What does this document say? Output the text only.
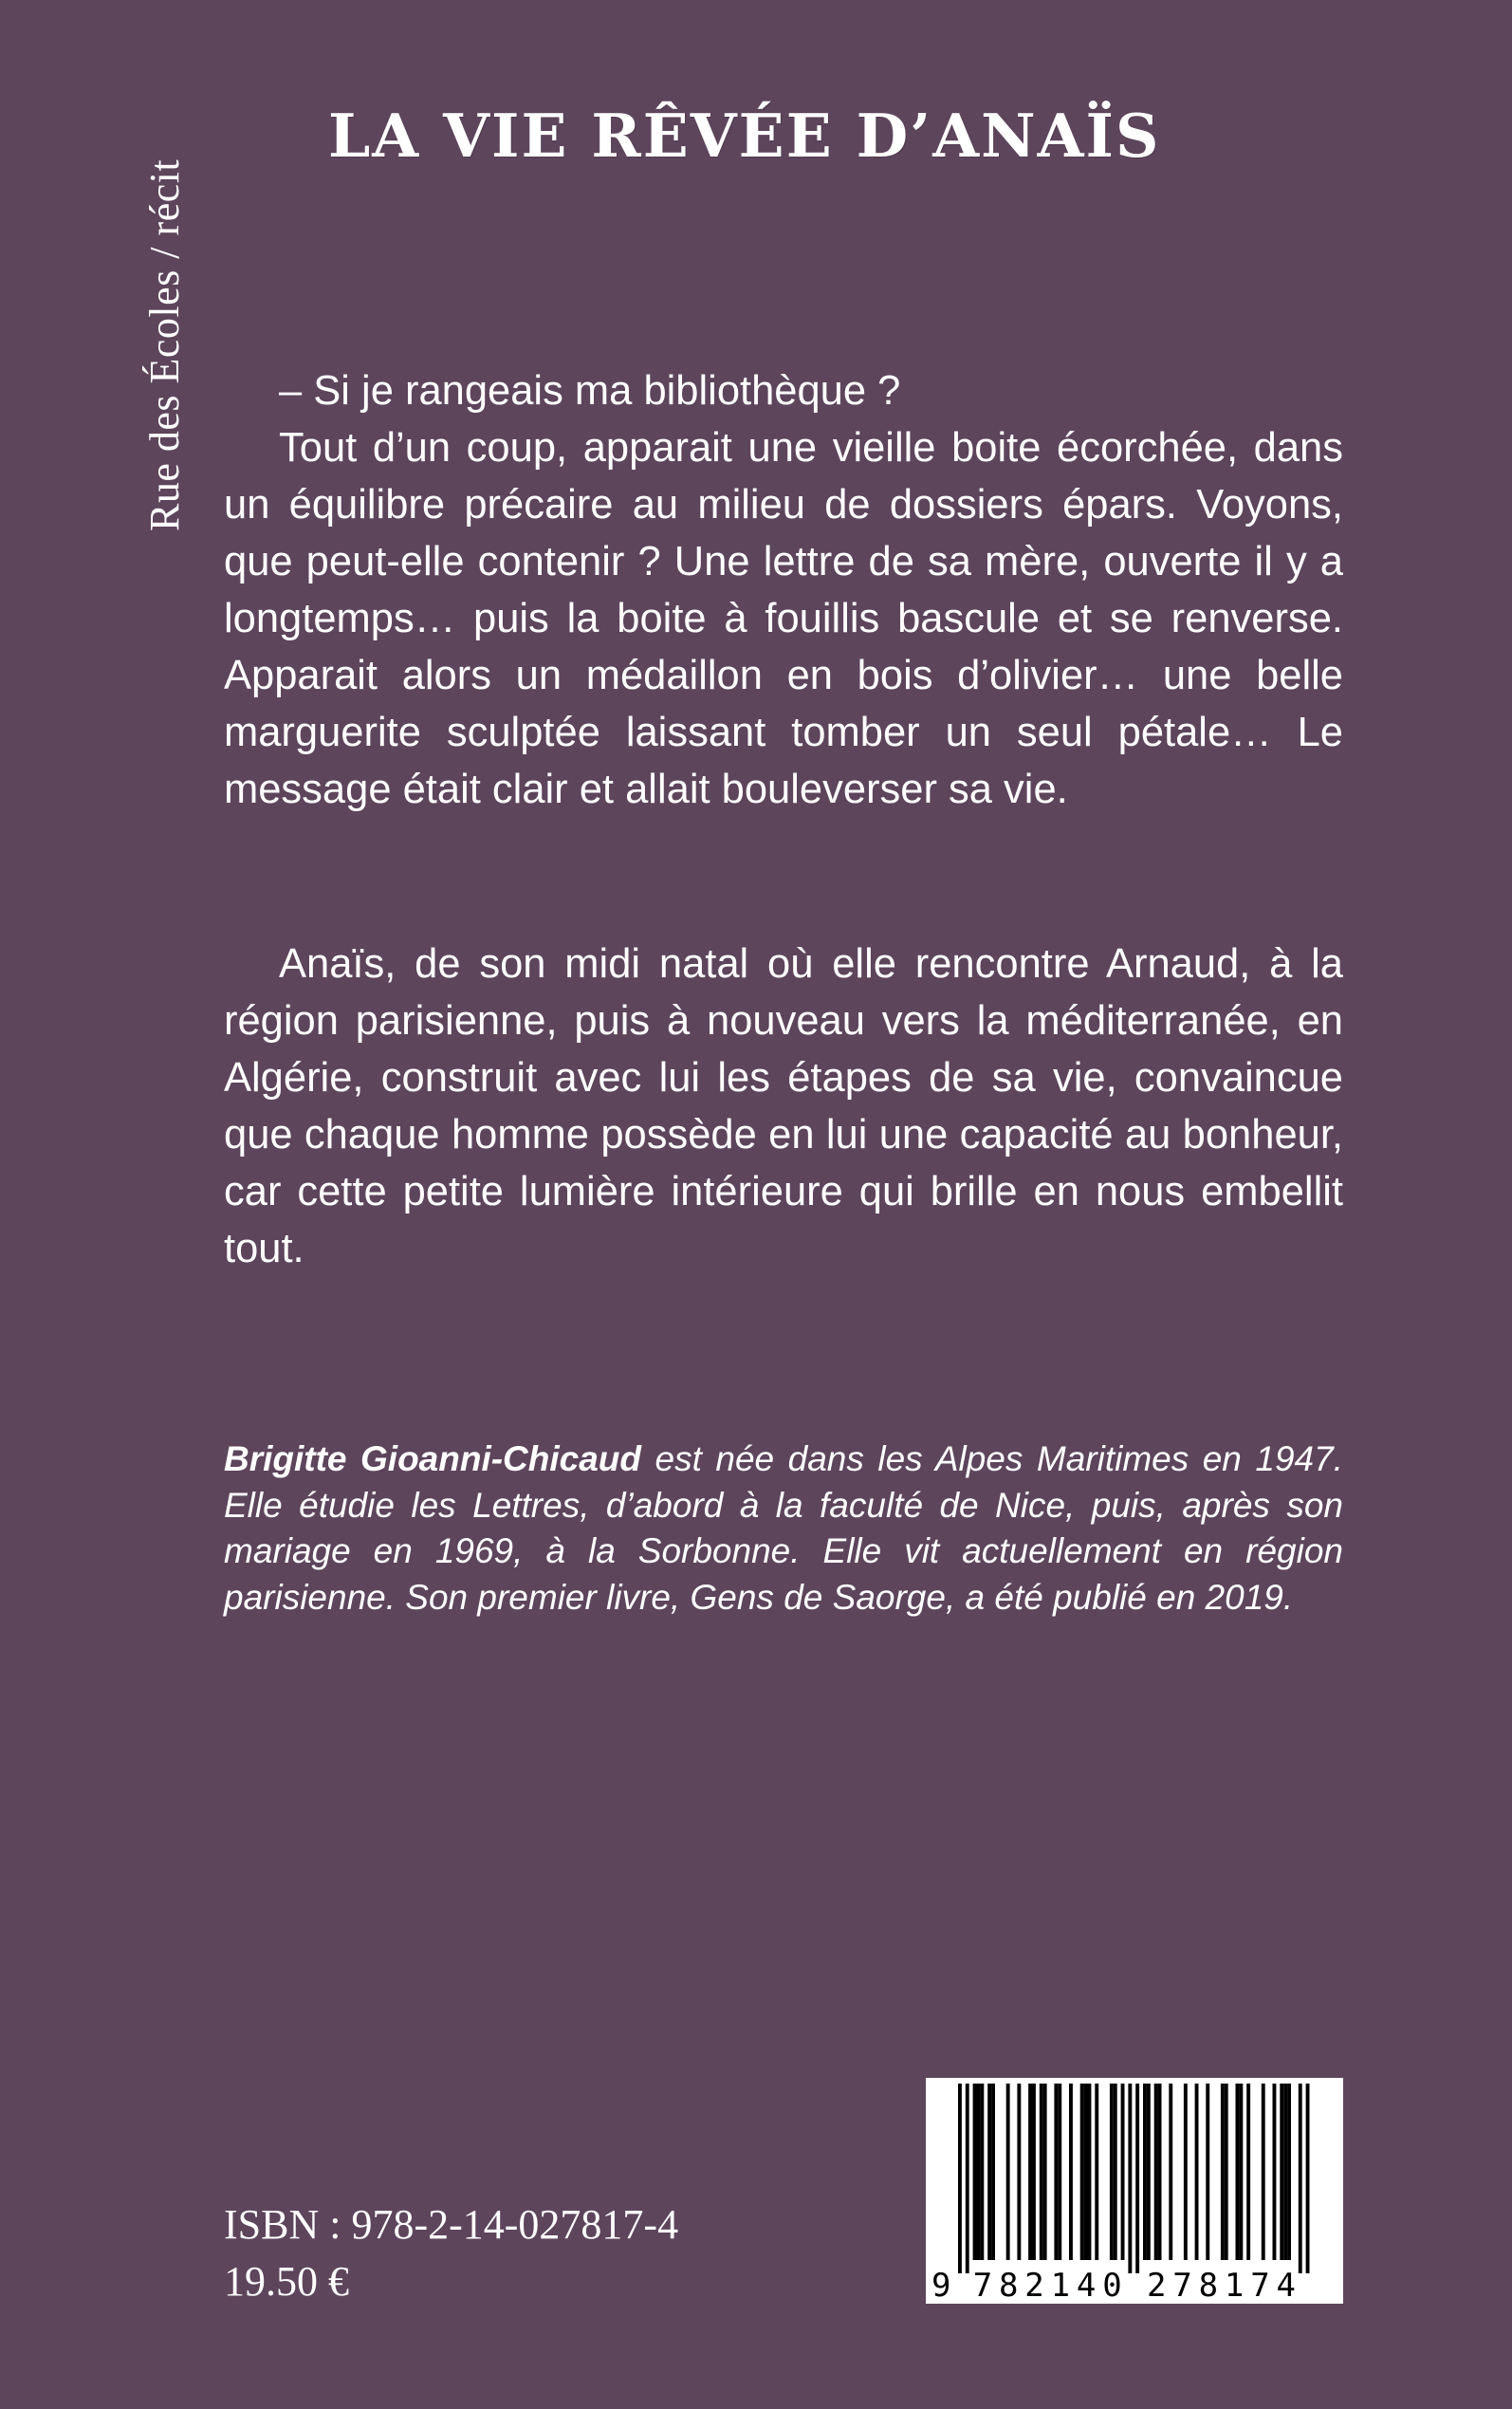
Rue des Écoles / récit
LA VIE RÊVÉE D’ANAÏS

– Si je rangeais ma bibliothèque ?

Tout d’un coup, apparait une vieille boite écorchée, dans un équilibre précaire au milieu de dossiers épars. Voyons, que peut-elle contenir ? Une lettre de sa mère, ouverte il y a longtemps… puis la boite à fouillis bascule et se renverse. Apparait alors un médaillon en bois d’olivier… une belle marguerite sculptée laissant tomber un seul pétale… Le message était clair et allait bouleverser sa vie.

Anaïs, de son midi natal où elle rencontre Arnaud, à la région parisienne, puis à nouveau vers la méditerranée, en Algérie, construit avec lui les étapes de sa vie, convaincue que chaque homme possède en lui une capacité au bonheur, car cette petite lumière intérieure qui brille en nous embellit tout.

Brigitte Gioanni-Chicaud est née dans les Alpes Maritimes en 1947. Elle étudie les Lettres, d’abord à la faculté de Nice, puis, après son mariage en 1969, à la Sorbonne. Elle vit actuellement en région parisienne. Son premier livre, Gens de Saorge, a été publié en 2019.

9 7 8 2 1 4 0 2 7 8 1 7 4

ISBN : 978-2-14-027817-4

19.50 €
